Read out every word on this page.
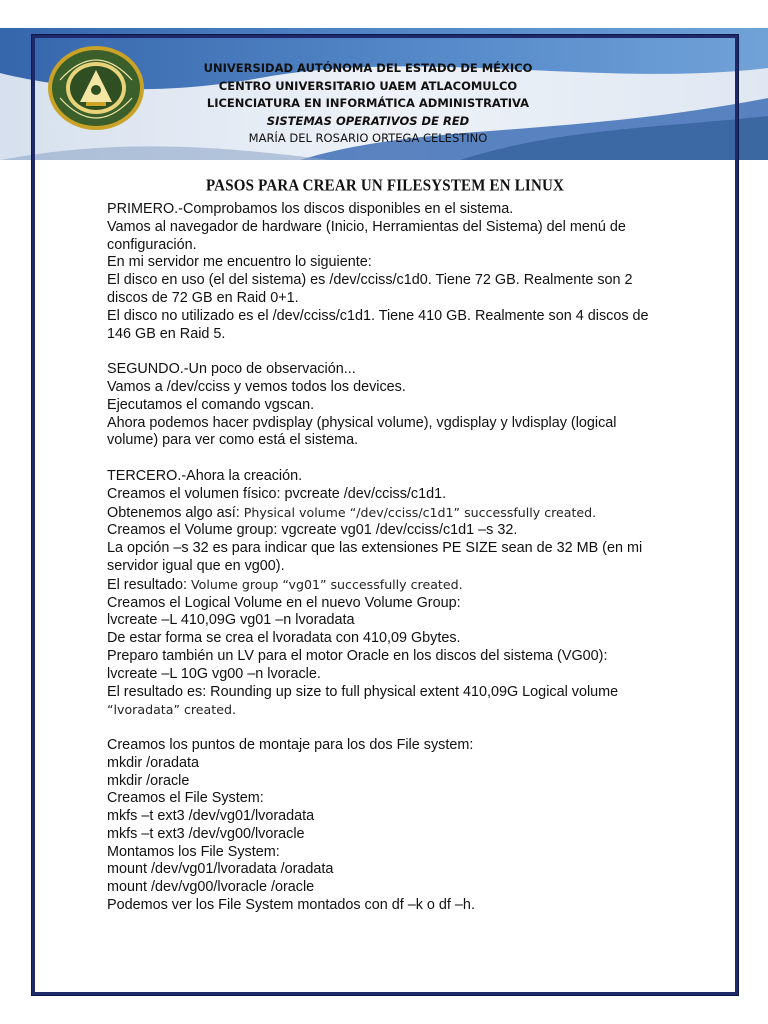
UNIVERSIDAD AUTÓNOMA DEL ESTADO DE MÉXICO
CENTRO UNIVERSITARIO UAEM ATLACOMULCO
LICENCIATURA EN INFORMÁTICA ADMINISTRATIVA
SISTEMAS OPERATIVOS DE RED
MARÍA DEL ROSARIO ORTEGA CELESTINO
PASOS PARA CREAR UN FILESYSTEM EN LINUX
PRIMERO.-Comprobamos los discos disponibles en el sistema.
Vamos al navegador de hardware (Inicio, Herramientas del Sistema) del menú de configuración.
En mi servidor me encuentro lo siguiente:
El disco en uso (el del sistema) es /dev/cciss/c1d0. Tiene 72 GB. Realmente son 2 discos de 72 GB en Raid 0+1.
El disco no utilizado es el /dev/cciss/c1d1. Tiene 410 GB. Realmente son 4 discos de 146 GB en Raid 5.
SEGUNDO.-Un poco de observación...
Vamos a /dev/cciss y vemos todos los devices.
Ejecutamos el comando vgscan.
Ahora podemos hacer pvdisplay (physical volume), vgdisplay y lvdisplay (logical volume) para ver como está el sistema.
TERCERO.-Ahora la creación.
Creamos el volumen físico: pvcreate /dev/cciss/c1d1.
Obtenemos algo así: Physical volume “/dev/cciss/c1d1” successfully created.
Creamos el Volume group: vgcreate vg01 /dev/cciss/c1d1 –s 32.
La opción –s 32 es para indicar que las extensiones PE SIZE sean de 32 MB (en mi servidor igual que en vg00).
El resultado: Volume group “vg01” successfully created.
Creamos el Logical Volume en el nuevo Volume Group:
lvcreate –L 410,09G vg01 –n lvoradata
De estar forma se crea el lvoradata con 410,09 Gbytes.
Preparo también un LV para el motor Oracle en los discos del sistema (VG00):
lvcreate –L 10G vg00 –n lvoracle.
El resultado es: Rounding up size to full physical extent 410,09G Logical volume
“lvoradata” created.
Creamos los puntos de montaje para los dos File system:
mkdir /oradata
mkdir /oracle
Creamos el File System:
mkfs –t ext3 /dev/vg01/lvoradata
mkfs –t ext3 /dev/vg00/lvoracle
Montamos los File System:
mount /dev/vg01/lvoradata /oradata
mount /dev/vg00/lvoracle /oracle
Podemos ver los File System montados con df –k o df –h.
